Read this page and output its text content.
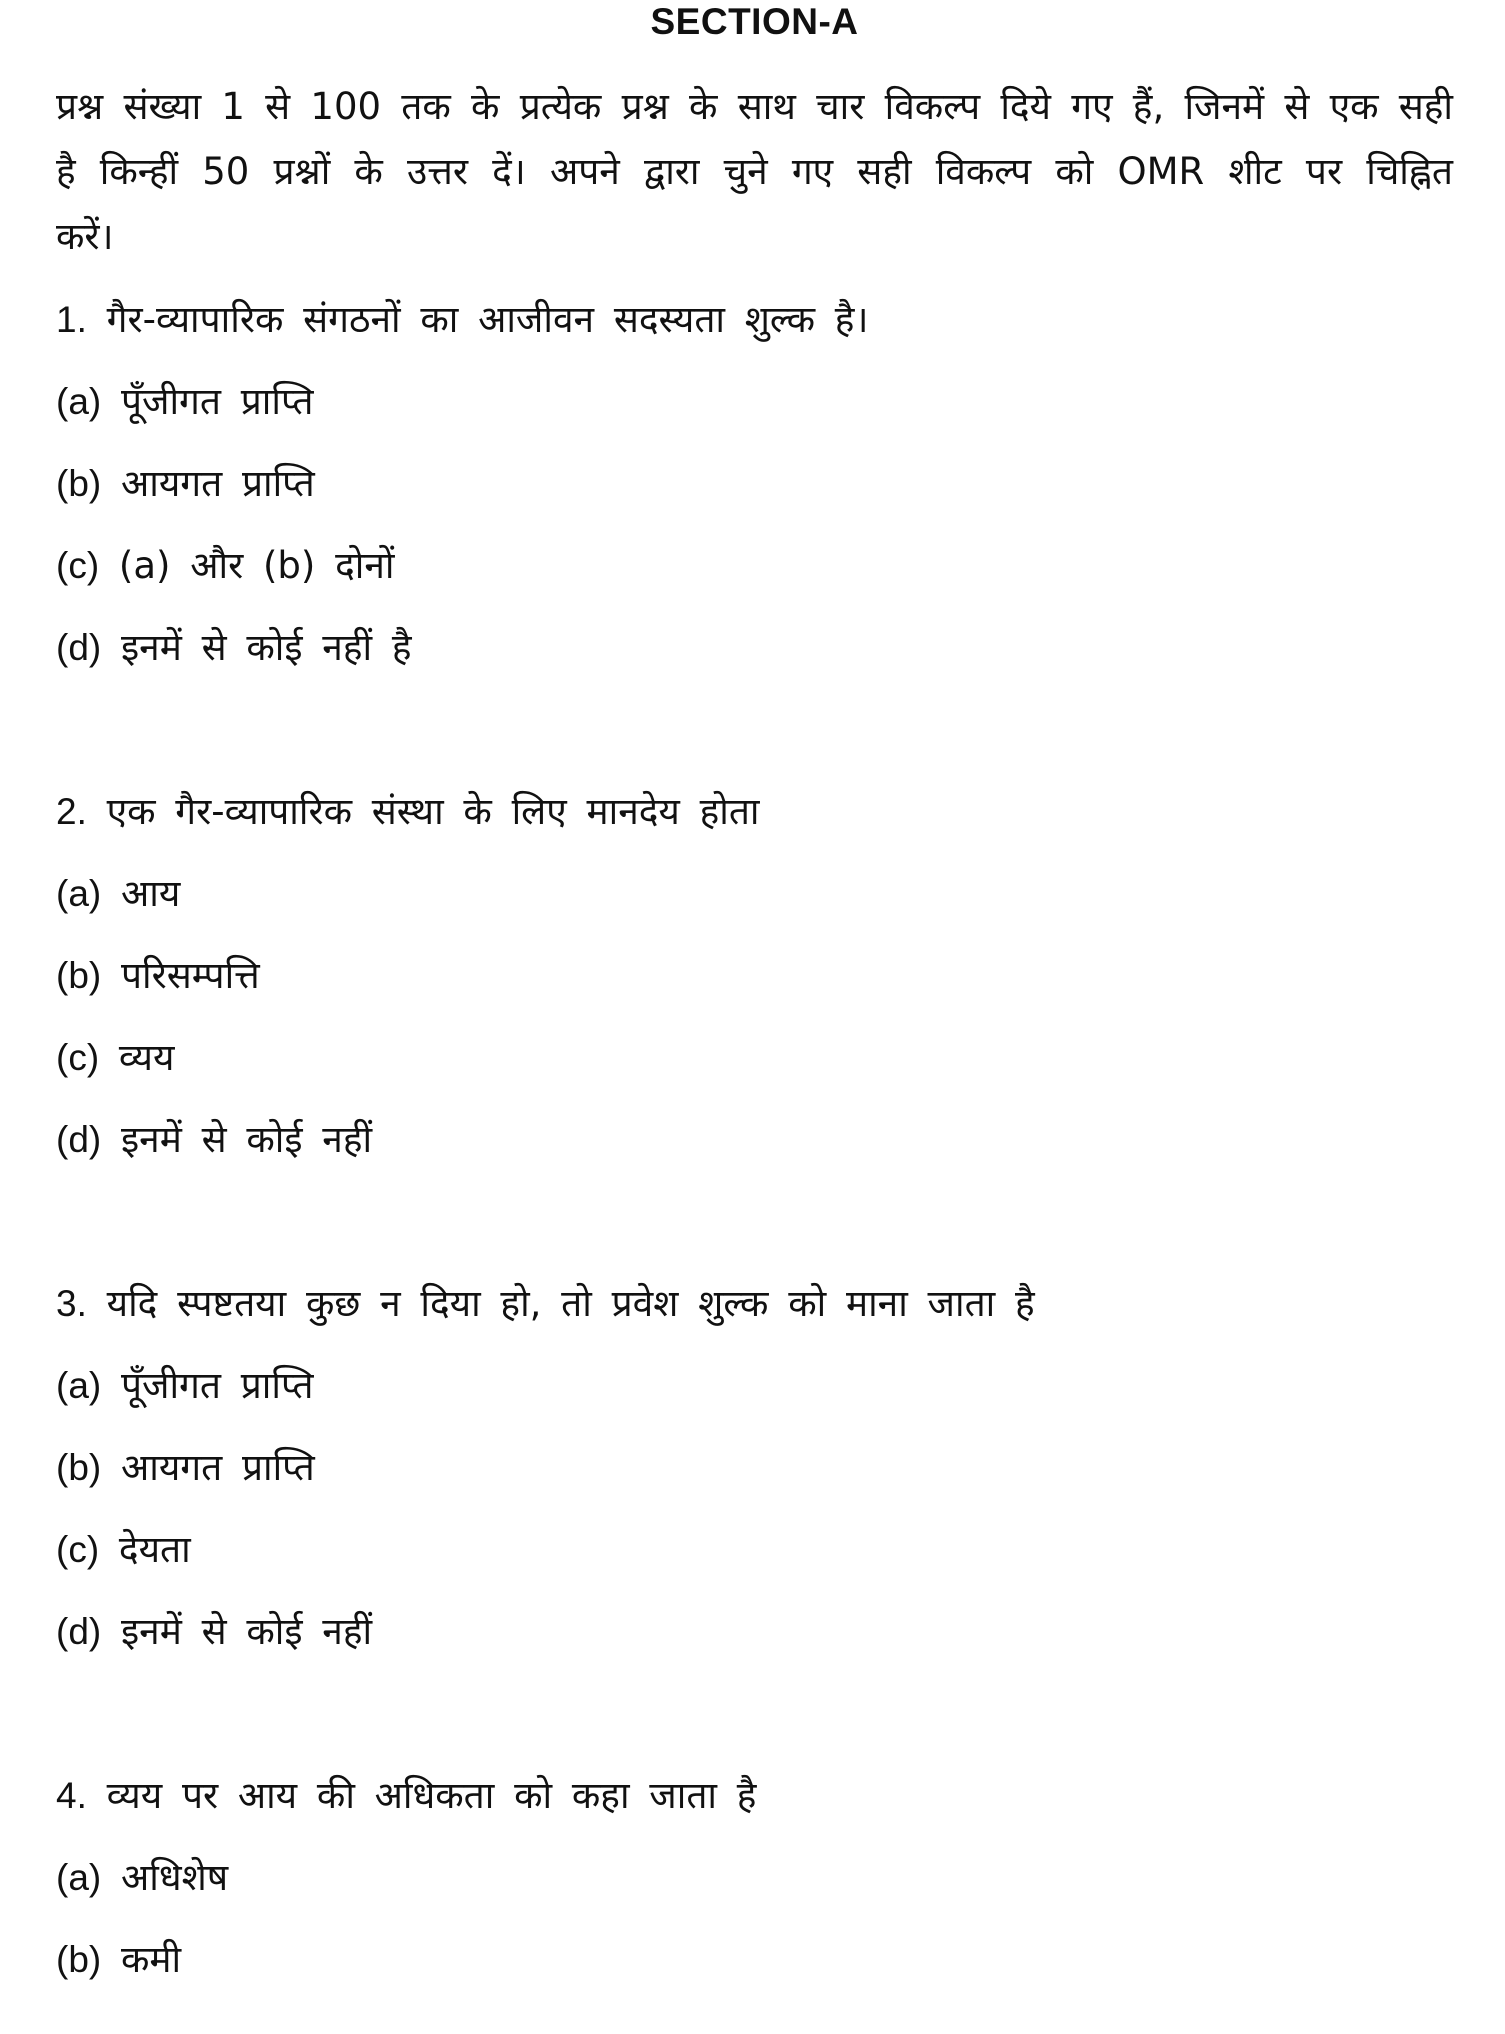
SECTION-A

प्रश्न संख्या 1 से 100 तक के प्रत्येक प्रश्न के साथ चार विकल्प दिये गए हैं, जिनमें से एक सही है किन्हीं 50 प्रश्नों के उत्तर दें। अपने द्वारा चुने गए सही विकल्प को OMR शीट पर चिह्नित करें।

1. गैर-व्यापारिक संगठनों का आजीवन सदस्यता शुल्क है।

(a) पूँजीगत प्राप्ति

(b) आयगत प्राप्ति

(c) (a) और (b) दोनों

(d) इनमें से कोई नहीं है

2. एक गैर-व्यापारिक संस्था के लिए मानदेय होता

(a) आय

(b) परिसम्पत्ति

(c) व्यय

(d) इनमें से कोई नहीं

3. यदि स्पष्टतया कुछ न दिया हो, तो प्रवेश शुल्क को माना जाता है

(a) पूँजीगत प्राप्ति

(b) आयगत प्राप्ति

(c) देयता

(d) इनमें से कोई नहीं

4. व्यय पर आय की अधिकता को कहा जाता है

(a) अधिशेष

(b) कमी
